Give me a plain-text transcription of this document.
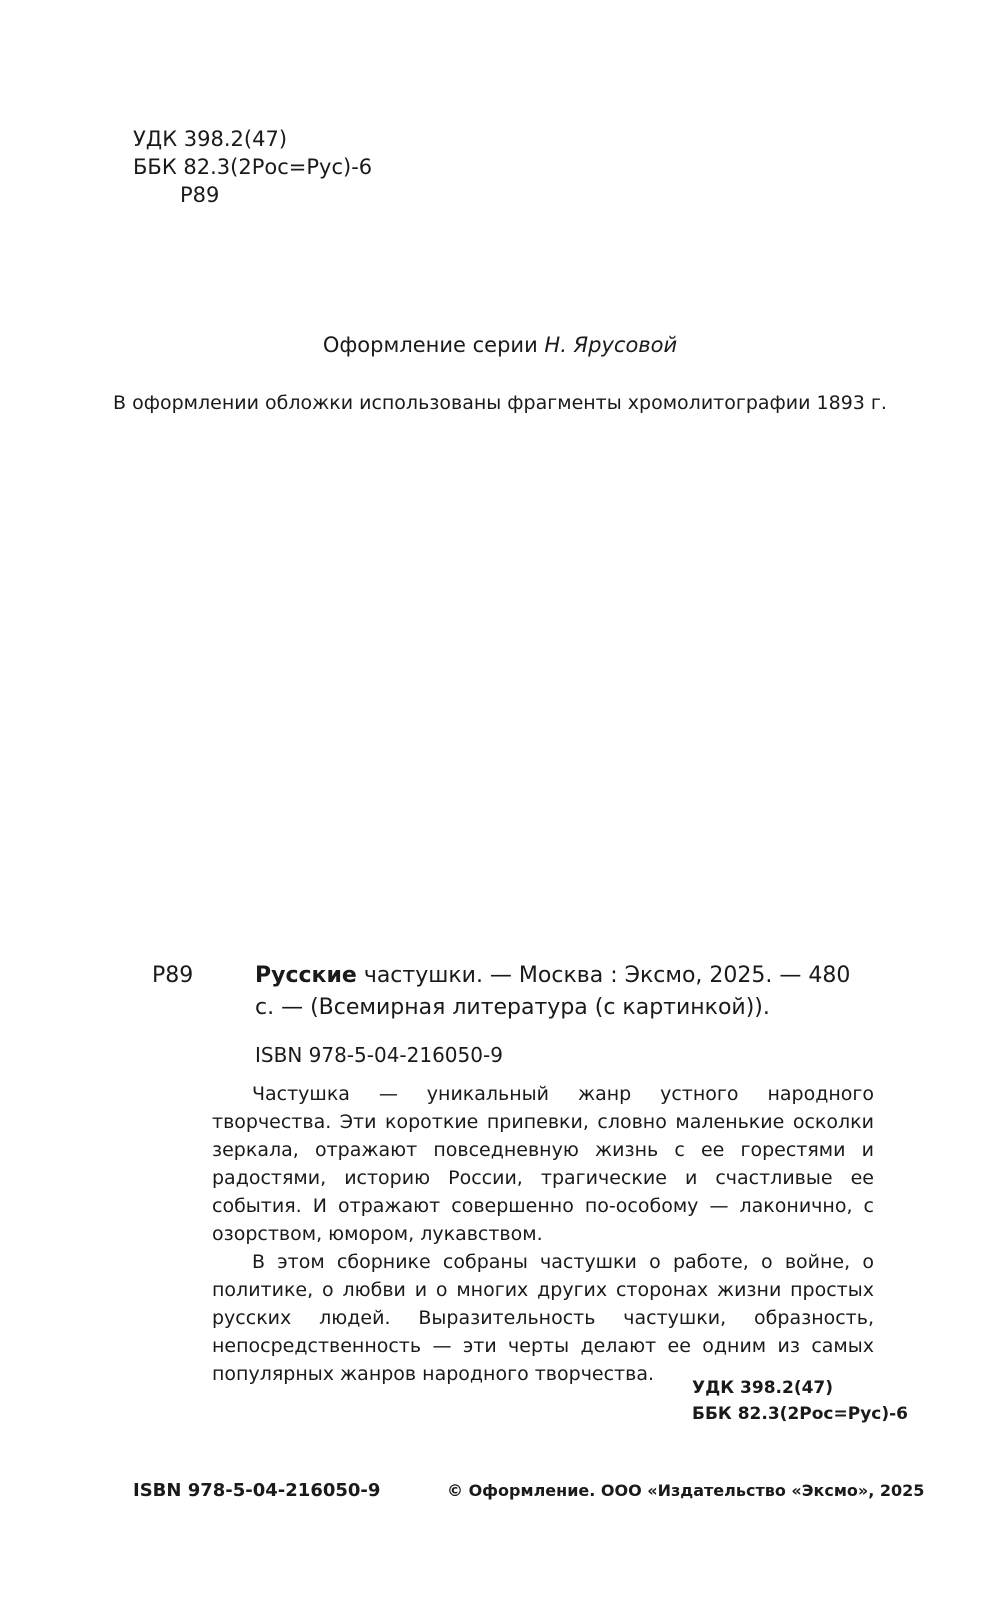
УДК 398.2(47)
ББК 82.3(2Рос=Рус)-6
Р89
Оформление серии Н. Ярусовой
В оформлении обложки использованы фрагменты хромолитографии 1893 г.
Р89	Русские частушки. — Москва : Эксмо, 2025. — 480 с. — (Всемирная литература (с картинкой)).
ISBN 978-5-04-216050-9

Частушка — уникальный жанр устного народного творчества. Эти короткие припевки, словно маленькие осколки зеркала, отражают повседневную жизнь с ее горестями и радостями, историю России, трагические и счастливые ее события. И отражают совершенно по-особому — лаконично, с озорством, юмором, лукавством.

В этом сборнике собраны частушки о работе, о войне, о политике, о любви и о многих других сторонах жизни простых русских людей. Выразительность частушки, образность, непосредственность — эти черты делают ее одним из самых популярных жанров народного творчества.

УДК 398.2(47)
ББК 82.3(2Рос=Рус)-6
ISBN 978-5-04-216050-9	© Оформление. ООО «Издательство «Эксмо», 2025
